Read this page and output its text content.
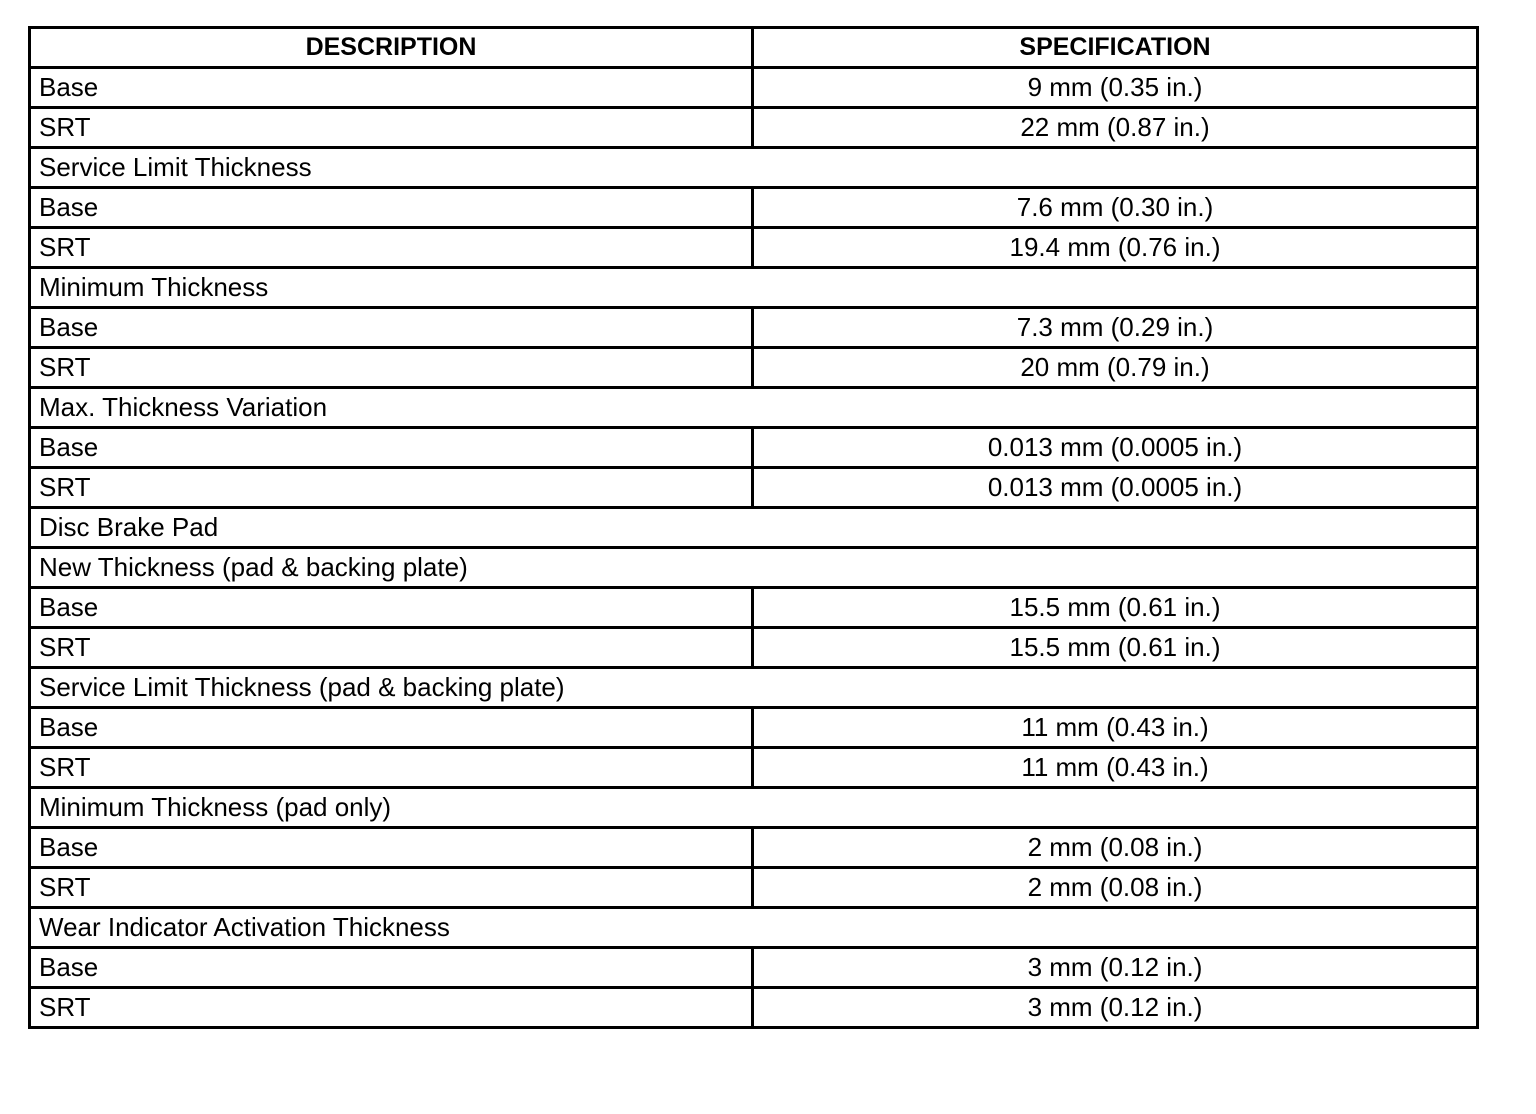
DESCRIPTION	SPECIFICATION
Base	9 mm (0.35 in.)
SRT	22 mm (0.87 in.)
Service Limit Thickness	
Base	7.6 mm (0.30 in.)
SRT	19.4 mm (0.76 in.)
Minimum Thickness	
Base	7.3 mm (0.29 in.)
SRT	20 mm (0.79 in.)
Max. Thickness Variation	
Base	0.013 mm (0.0005 in.)
SRT	0.013 mm (0.0005 in.)
Disc Brake Pad	
New Thickness (pad & backing plate)	
Base	15.5 mm (0.61 in.)
SRT	15.5 mm (0.61 in.)
Service Limit Thickness (pad & backing plate)	
Base	11 mm (0.43 in.)
SRT	11 mm (0.43 in.)
Minimum Thickness (pad only)	
Base	2 mm (0.08 in.)
SRT	2 mm (0.08 in.)
Wear Indicator Activation Thickness	
Base	3 mm (0.12 in.)
SRT	3 mm (0.12 in.)
